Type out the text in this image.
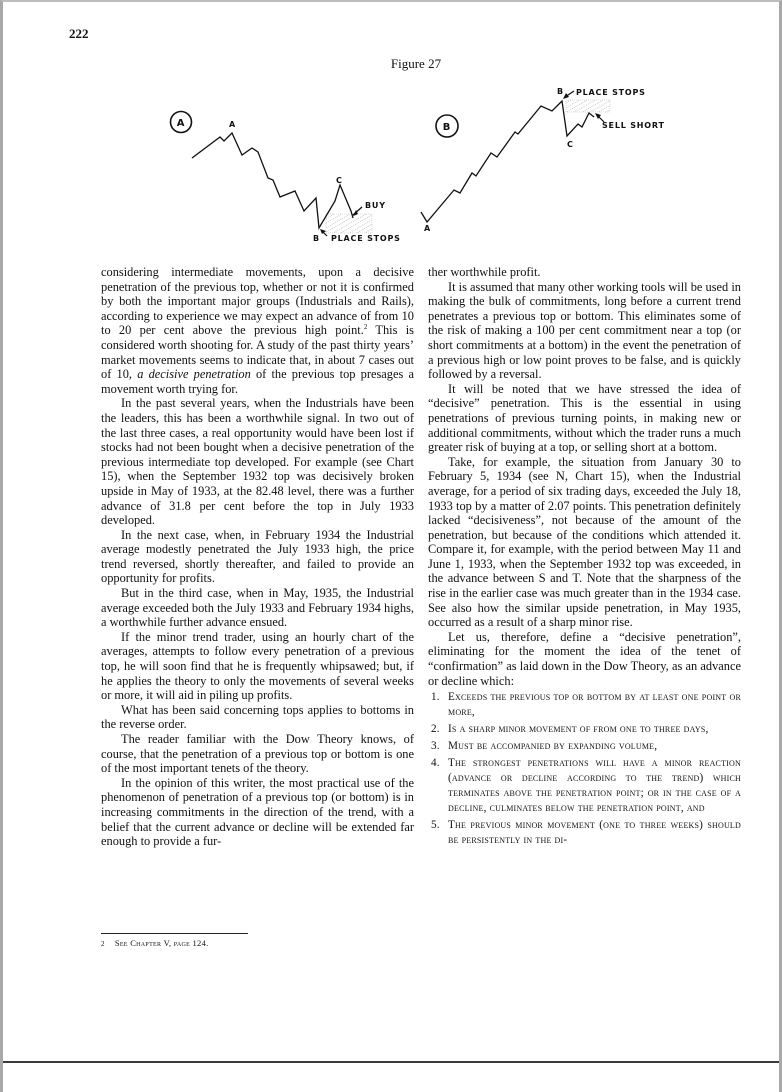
222
Figure 27
A	A
C
BUY
B PLACE STOPS
B
A
B PLACE STOPS
C
SELL SHORT

considering intermediate movements, upon a decisive penetration of the previous top, whether or not it is confirmed by both the important major groups (Industrials and Rails), according to experience we may expect an advance of from 10 to 20 per cent above the previous high point.$^2$ This is considered worth shooting for. A study of the past thirty years’ market movements seems to indicate that, in about 7 cases out of 10, a decisive penetration of the previous top presages a movement worth trying for.

In the past several years, when the Industrials have been the leaders, this has been a worthwhile signal. In two out of the last three cases, a real opportunity would have been lost if stocks had not been bought when a decisive penetration of the previous intermediate top developed. For example (see Chart 15), when the September 1932 top was decisively broken upside in May of 1933, at the 82.48 level, there was a further advance of 31.8 per cent before the top in July 1933 developed.

In the next case, when, in February 1934 the Industrial average modestly penetrated the July 1933 high, the price trend reversed, shortly thereafter, and failed to provide an opportunity for profits.

But in the third case, when in May, 1935, the Industrial average exceeded both the July 1933 and February 1934 highs, a worthwhile further advance ensued.

If the minor trend trader, using an hourly chart of the averages, attempts to follow every penetration of a previous top, he will soon find that he is frequently whipsawed; but, if he applies the theory to only the movements of several weeks or more, it will aid in piling up profits.

What has been said concerning tops applies to bottoms in the reverse order.

The reader familiar with the Dow Theory knows, of course, that the penetration of a previous top or bottom is one of the most important tenets of the theory.

In the opinion of this writer, the most practical use of the phenomenon of penetration of a previous top (or bottom) is in increasing commitments in the direction of the trend, with a belief that the current advance or decline will be extended far enough to provide a fur-

ther worthwhile profit.

It is assumed that many other working tools will be used in making the bulk of commitments, long before a current trend penetrates a previous top or bottom. This eliminates some of the risk of making a 100 per cent commitment near a top (or short commitments at a bottom) in the event the penetration of a previous high or low point proves to be false, and is quickly followed by a reversal.

It will be noted that we have stressed the idea of “decisive” penetration. This is the essential in using penetrations of previous turning points, in making new or additional commitments, without which the trader runs a much greater risk of buying at a top, or selling short at a bottom.

Take, for example, the situation from January 30 to February 5, 1934 (see N, Chart 15), when the Industrial average, for a period of six trading days, exceeded the July 18, 1933 top by a matter of 2.07 points. This penetration definitely lacked “decisiveness”, not because of the amount of the penetration, but because of the conditions which attended it. Compare it, for example, with the period between May 11 and June 1, 1933, when the September 1932 top was exceeded, in the advance between S and T. Note that the sharpness of the rise in the earlier case was much greater than in the 1934 case. See also how the similar upside penetration, in May 1935, occurred as a result of a sharp minor rise.

Let us, therefore, define a “decisive penetration”, eliminating for the moment the idea of the tenet of “confirmation” as laid down in the Dow Theory, as an advance or decline which:

1. Exceeds the previous top or bottom by at least one point or more,
2. Is a sharp minor movement of from one to three days,
3. Must be accompanied by expanding volume,
4. The strongest penetrations will have a minor reaction (advance or decline according to the trend) which terminates above the penetration point; or in the case of a decline, culminates below the penetration point, and
5. The previous minor movement (one to three weeks) should be persistently in the di-
2 See Chapter V, page 124.
